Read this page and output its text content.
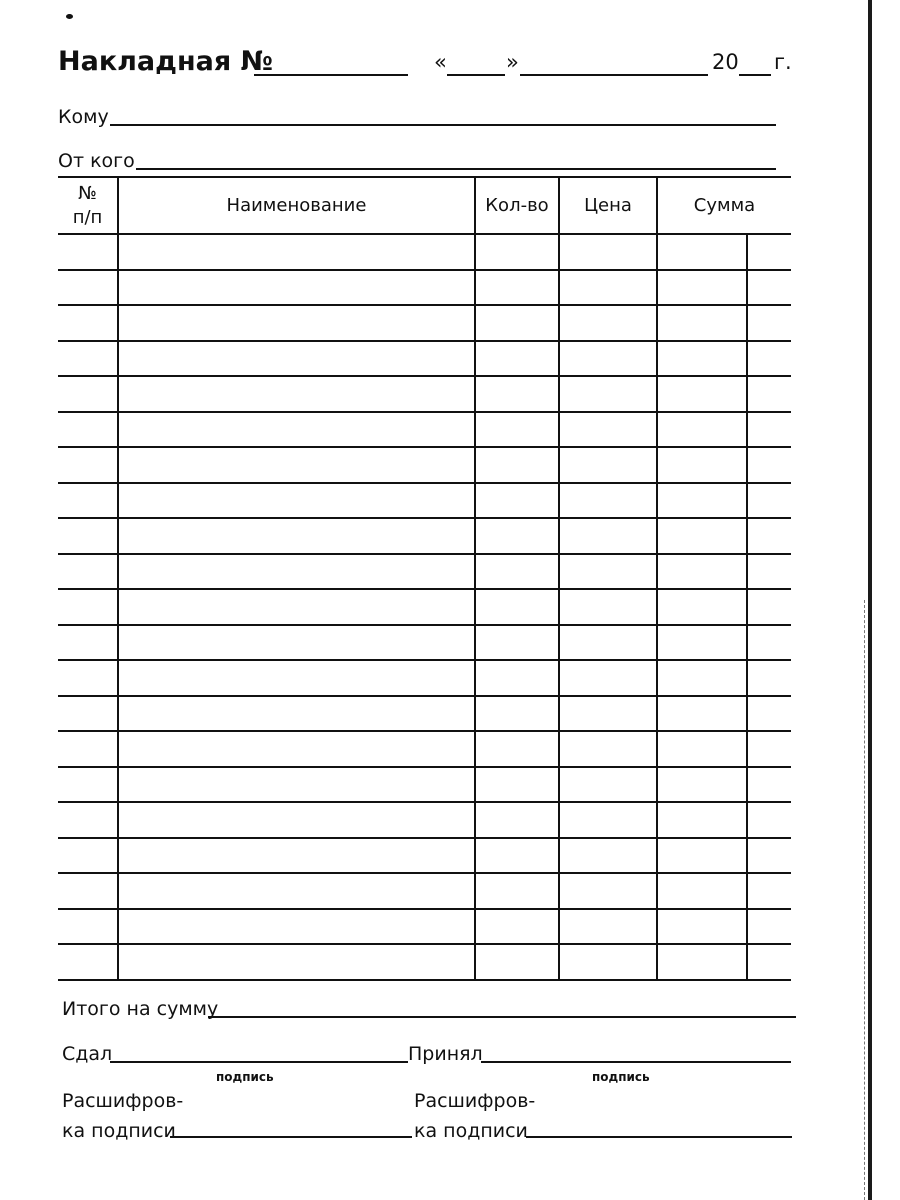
Накладная №	«	»	20 г.
Кому
От кого
№ п/п	Наименование	Кол-во	Цена	Сумма	

Итого на сумму
Сдал
подпись
Принял
подпись
Расшифров-
ка подписи
Расшифров-
ка подписи
